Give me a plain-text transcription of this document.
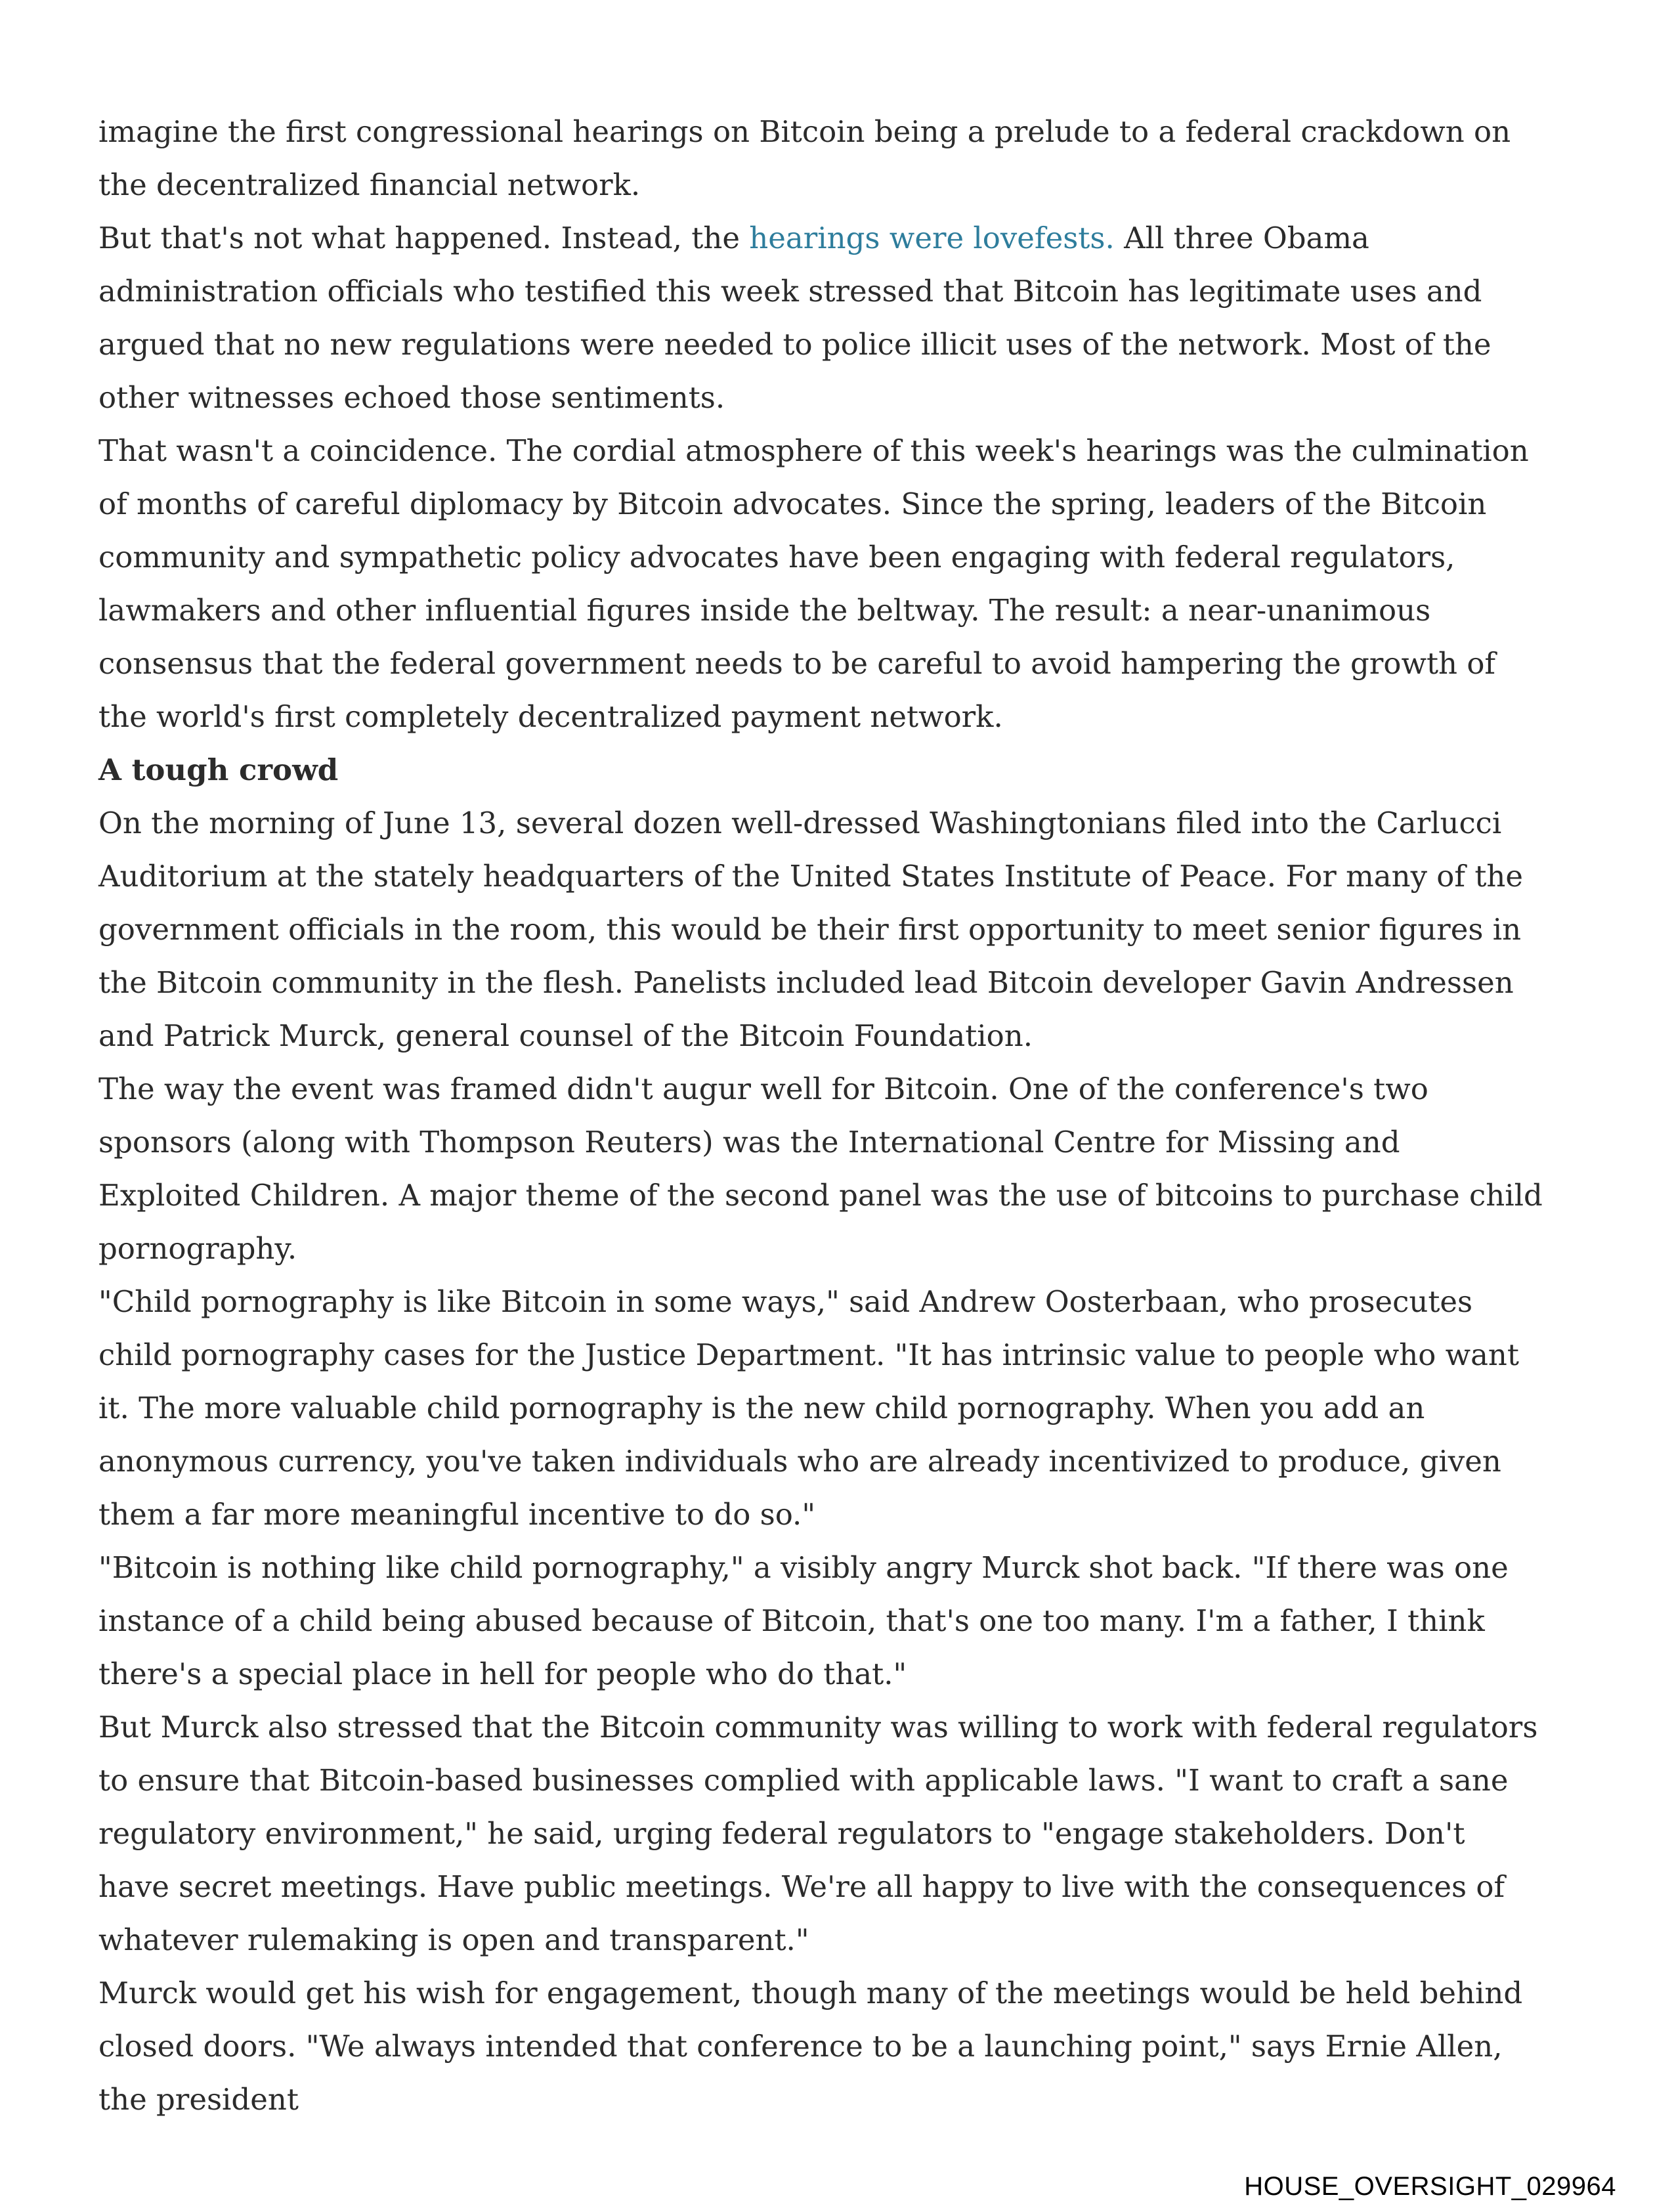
imagine the first congressional hearings on Bitcoin being a prelude to a federal crackdown on the decentralized financial network.

But that's not what happened. Instead, the hearings were lovefests. All three Obama administration officials who testified this week stressed that Bitcoin has legitimate uses and argued that no new regulations were needed to police illicit uses of the network. Most of the other witnesses echoed those sentiments.

That wasn't a coincidence. The cordial atmosphere of this week's hearings was the culmination of months of careful diplomacy by Bitcoin advocates. Since the spring, leaders of the Bitcoin community and sympathetic policy advocates have been engaging with federal regulators, lawmakers and other influential figures inside the beltway. The result: a near-unanimous consensus that the federal government needs to be careful to avoid hampering the growth of the world's first completely decentralized payment network.

A tough crowd

On the morning of June 13, several dozen well-dressed Washingtonians filed into the Carlucci Auditorium at the stately headquarters of the United States Institute of Peace. For many of the government officials in the room, this would be their first opportunity to meet senior figures in the Bitcoin community in the flesh. Panelists included lead Bitcoin developer Gavin Andressen and Patrick Murck, general counsel of the Bitcoin Foundation.

The way the event was framed didn't augur well for Bitcoin. One of the conference's two sponsors (along with Thompson Reuters) was the International Centre for Missing and Exploited Children. A major theme of the second panel was the use of bitcoins to purchase child pornography.

"Child pornography is like Bitcoin in some ways," said Andrew Oosterbaan, who prosecutes child pornography cases for the Justice Department. "It has intrinsic value to people who want it. The more valuable child pornography is the new child pornography. When you add an anonymous currency, you've taken individuals who are already incentivized to produce, given them a far more meaningful incentive to do so."

"Bitcoin is nothing like child pornography," a visibly angry Murck shot back. "If there was one instance of a child being abused because of Bitcoin, that's one too many. I'm a father, I think there's a special place in hell for people who do that."

But Murck also stressed that the Bitcoin community was willing to work with federal regulators to ensure that Bitcoin-based businesses complied with applicable laws. "I want to craft a sane regulatory environment," he said, urging federal regulators to "engage stakeholders. Don't have secret meetings. Have public meetings. We're all happy to live with the consequences of whatever rulemaking is open and transparent."

Murck would get his wish for engagement, though many of the meetings would be held behind closed doors. "We always intended that conference to be a launching point," says Ernie Allen, the president

HOUSE_OVERSIGHT_029964
